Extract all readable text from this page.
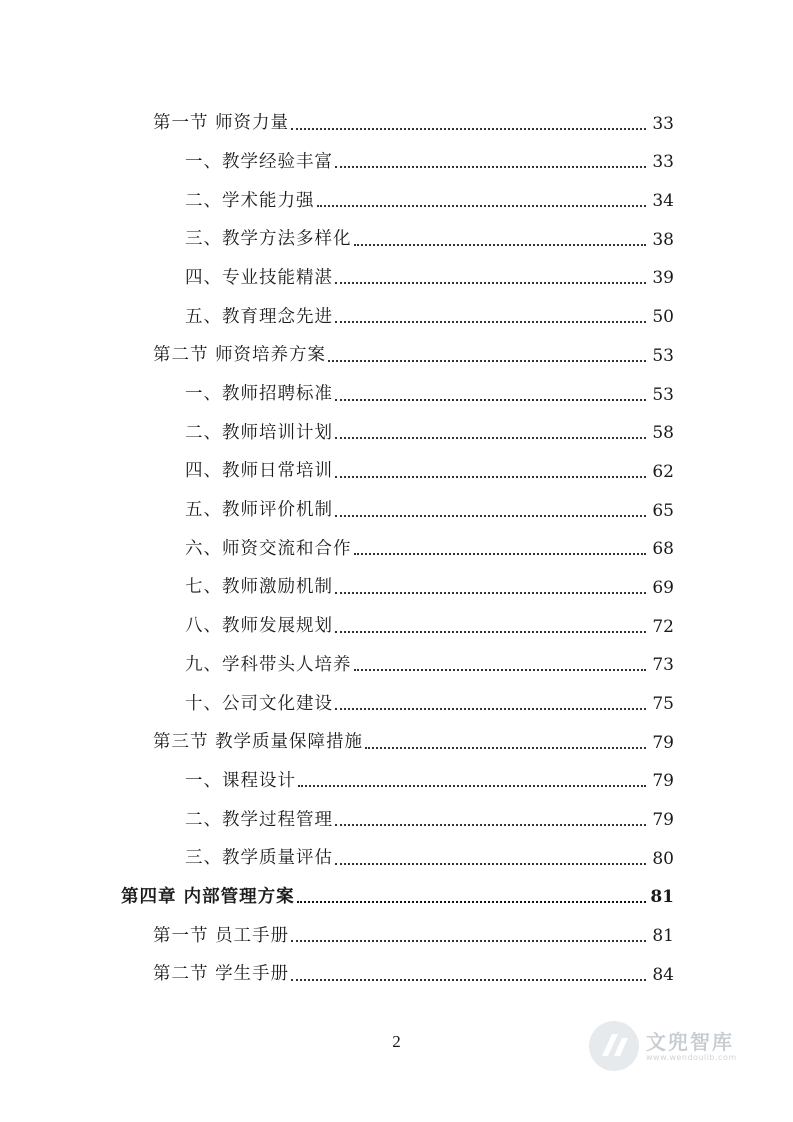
第一节 师资力量	33
一、教学经验丰富	33
二、学术能力强	34
三、教学方法多样化	38
四、专业技能精湛	39
五、教育理念先进	50
第二节 师资培养方案	53
一、教师招聘标准	53
二、教师培训计划	58
四、教师日常培训	62
五、教师评价机制	65
六、师资交流和合作	68
七、教师激励机制	69
八、教师发展规划	72
九、学科带头人培养	73
十、公司文化建设	75
第三节 教学质量保障措施	79
一、课程设计	79
二、教学过程管理	79
三、教学质量评估	80
第四章 内部管理方案	81
第一节 员工手册	81
第二节 学生手册	84
2	文兜智库
www.wendoulib.com
